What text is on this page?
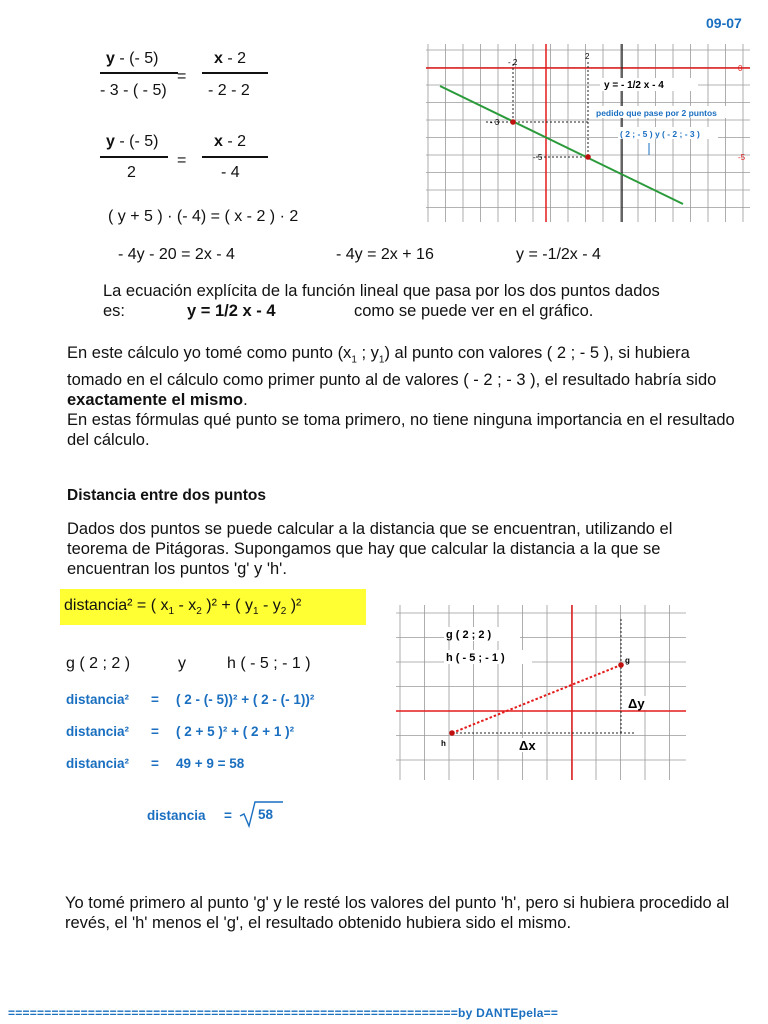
09-07
y - (- 5)
- 3 - ( - 5)
=
x - 2
- 2 - 2
y - (- 5)
2
=
x - 2
- 4
( y + 5 ) · (- 4) = ( x - 2 ) · 2
- 4y - 20 = 2x - 4	- 4y = 2x + 16	y = -1/2x - 4
- 2
2
0
- 3
- 5	-5
y = - 1/2 x - 4
pedido que pase por 2 puntos
( 2 ; - 5 ) y ( - 2 ; - 3 )
La ecuación explícita de la función lineal que pasa por los dos puntos dados
es:	y = 1/2 x - 4	como se puede ver en el gráfico.
En este cálculo yo tomé como punto ($x_1$ ; $y_1$) al punto con valores ( 2 ; - 5 ), si hubiera tomado en el cálculo como primer punto al de valores ( - 2 ; - 3 ), el resultado habría sido exactamente el mismo.
En estas fórmulas qué punto se toma primero, no tiene ninguna importancia en el resultado del cálculo.
Distancia entre dos puntos
Dados dos puntos se puede calcular a la distancia que se encuentran, utilizando el teorema de Pitágoras. Supongamos que hay que calcular la distancia a la que se encuentran los puntos 'g' y 'h'.
distancia² = ( $x_1 - x_2$ )² + ( $y_1 - y_2$ )²
g ( 2 ; 2 )	y	h ( - 5 ; - 1 )
distancia² = ( 2 - (- 5))² + ( 2 - (- 1))²
distancia² = ( 2 + 5 )² + ( 2 + 1 )²
distancia² = 49 + 9 = 58
distancia = 58
g ( 2 ; 2 )
h ( - 5 ; - 1 )	g
h
Δy
Δx
Yo tomé primero al punto 'g' y le resté los valores del punto 'h', pero si hubiera procedido al revés, el 'h' menos el 'g', el resultado obtenido hubiera sido el mismo.
==============================================================by DANTEpela==
